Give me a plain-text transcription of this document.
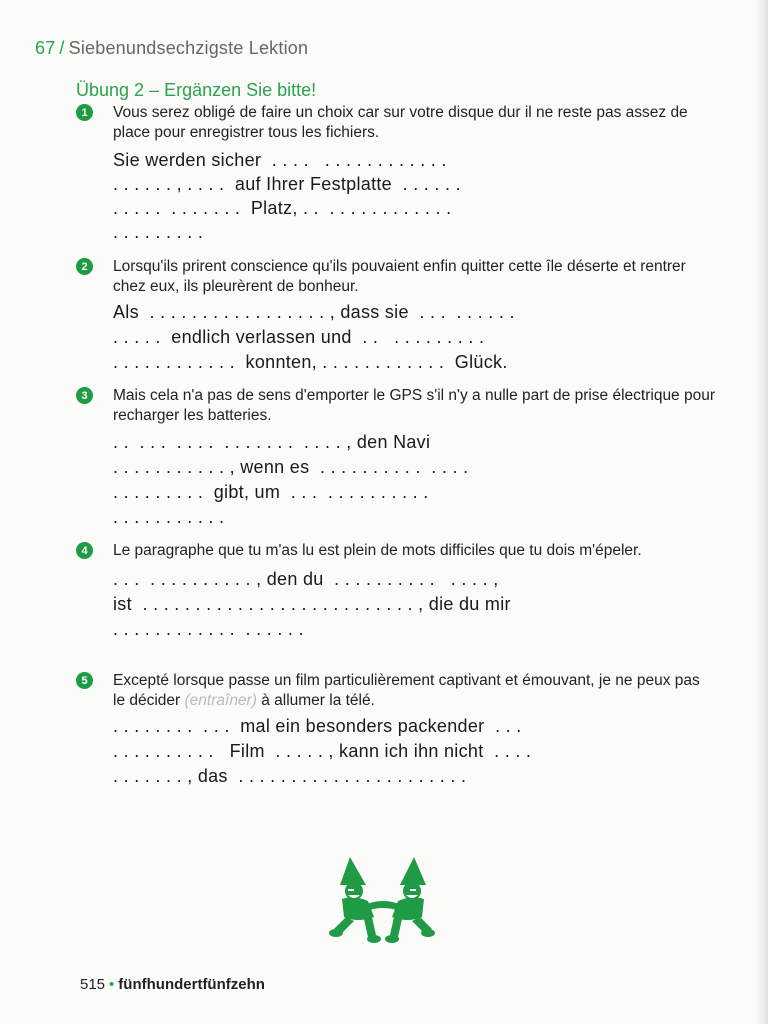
67 / Siebenundsechzigste Lektion
Übung 2 – Ergänzen Sie bitte!
1	Vous serez obligé de faire un choix car sur votre disque dur il ne reste pas assez de place pour enregistrer tous les fichiers.
Sie werden sicher  . . . .   . . . . . . . . . . . .
. . . . . . , . . . .  auf Ihrer Festplatte  . . . . . .
. . . . .  . . . . . . .  Platz, . .  . . . . . . . . . . . .
. . . . . . . . .
2	Lorsqu'ils prirent conscience qu'ils pouvaient enfin quitter cette île déserte et rentrer chez eux, ils pleurèrent de bonheur.
Als  . . . . . . . . . . . . . . . . . , dass sie  . . .  . . . . . .
. . . . .  endlich verlassen und  . .   . . . . . . . . .
. . . . . . . . . . . .  konnten, . . . . . . . . . . . .  Glück.
3	Mais cela n'a pas de sens d'emporter le GPS s'il n'y a nulle part de prise électrique pour recharger les batteries.
. .  . . .  . . . .  . . . . . . .  . . . . , den Navi
. . . . . . . . . . . , wenn es  . . . . . . . . . .  . . . .
. . . . . . . . .  gibt, um  . . .  . . . . . . . . . .
. . . . . . . . . . .
4	Le paragraphe que tu m'as lu est plein de mots difficiles que tu dois m'épeler.
. . .  . . . . . . . . . . , den du  . . . . . . . . . .   . . . . ,
ist  . . . . . . . . . . . . . . . . . . . . . . . . . . , die du mir
. . . . . . . . . . . .  . . . . . .
5	Excepté lorsque passe un film particulièrement captivant et émouvant, je ne peux pas le décider (entraîner) à allumer la télé.
. . . . . . . .  . . .  mal ein besonders packender  . . .
. . . . . . . . . .   Film  . . . . . , kann ich ihn nicht  . . . .
. . . . . . . , das  . . . . . . . . . . . . . . . . . . . . . .
515 • fünfhundertfünfzehn
